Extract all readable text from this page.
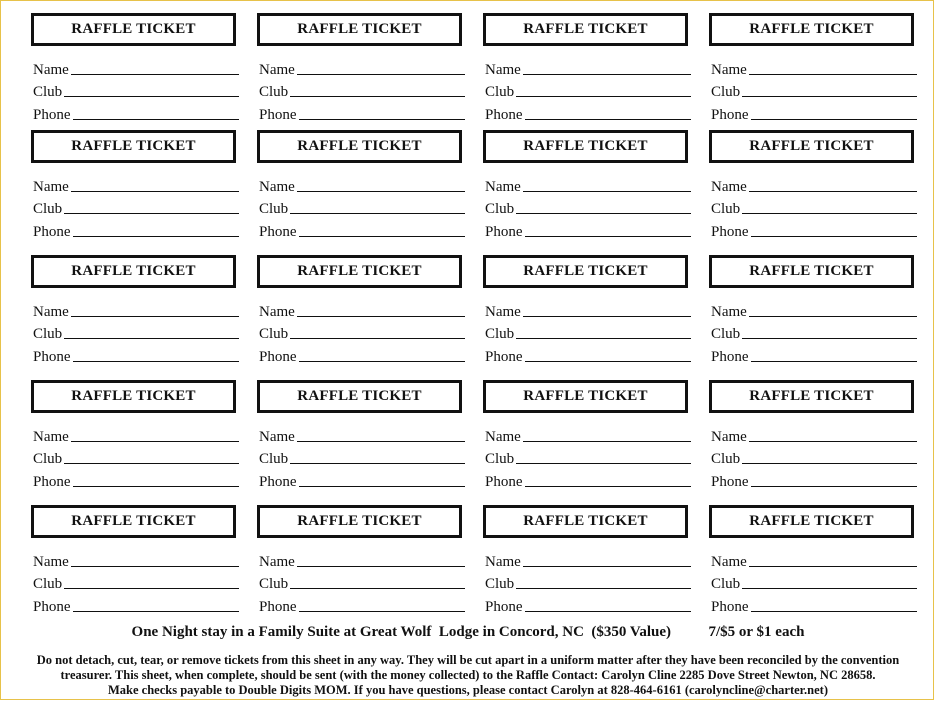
RAFFLE TICKET
Name
Club
Phone
RAFFLE TICKET
Name
Club
Phone
RAFFLE TICKET
Name
Club
Phone
RAFFLE TICKET
Name
Club
Phone
RAFFLE TICKET
Name
Club
Phone
RAFFLE TICKET
Name
Club
Phone
RAFFLE TICKET
Name
Club
Phone
RAFFLE TICKET
Name
Club
Phone
RAFFLE TICKET
Name
Club
Phone
RAFFLE TICKET
Name
Club
Phone
RAFFLE TICKET
Name
Club
Phone
RAFFLE TICKET
Name
Club
Phone
RAFFLE TICKET
Name
Club
Phone
RAFFLE TICKET
Name
Club
Phone
RAFFLE TICKET
Name
Club
Phone
RAFFLE TICKET
Name
Club
Phone
RAFFLE TICKET
Name
Club
Phone
RAFFLE TICKET
Name
Club
Phone
RAFFLE TICKET
Name
Club
Phone
RAFFLE TICKET
Name
Club
Phone
One Night stay in a Family Suite at Great Wolf  Lodge in Concord, NC  ($350 Value)	7/$5 or $1 each
Do not detach, cut, tear, or remove tickets from this sheet in any way. They will be cut apart in a uniform matter after they have been reconciled by the convention
treasurer. This sheet, when complete, should be sent (with the money collected) to the Raffle Contact: Carolyn Cline 2285 Dove Street Newton, NC 28658.
Make checks payable to Double Digits MOM. If you have questions, please contact Carolyn at 828-464-6161 (carolyncline@charter.net)
